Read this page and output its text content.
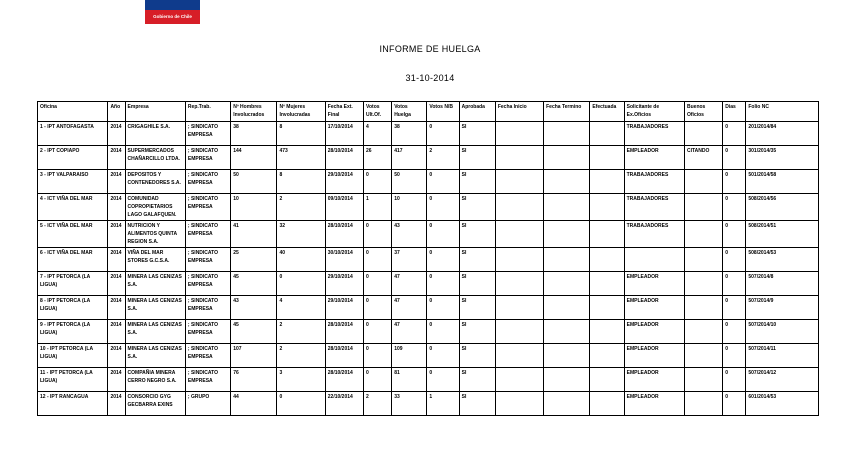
Gobierno de Chile
INFORME DE HUELGA
31-10-2014
Oficina	Año	Empresa	Rep.Trab.	Nº Hombres Involucrados	Nº Mujeres Involucradas	Fecha Ext. Final	Votos Ult.Of.	Votos Huelga	Votos N/B	Aprobada	Fecha Inicio	Fecha Termino	Efectuada	Solicitante de Ex.Oficios	Buenos Oficios	Dias	Folio NC
1 - IPT ANTOFAGASTA	2014	CRIGAGHILE S.A.	; SINDICATO EMPRESA	38	8	17/10/2014	4	38	0	SI				TRABAJADORES		0	201/2014/84
2 - IPT COPIAPO	2014	SUPERMERCADOS CHAÑARCILLO LTDA.	; SINDICATO EMPRESA	144	473	28/10/2014	26	417	2	SI				EMPLEADOR	CITANDO	0	301/2014/35
3 - IPT VALPARAISO	2014	DEPOSITOS Y CONTENEDORES S.A.	; SINDICATO EMPRESA	50	8	29/10/2014	0	50	0	SI				TRABAJADORES		0	501/2014/58
4 - ICT VIÑA DEL MAR	2014	COMUNIDAD COPROPIETARIOS LAGO GALAFQUEN.	; SINDICATO EMPRESA	10	2	09/10/2014	1	10	0	SI				TRABAJADORES		0	508/2014/56
5 - ICT VIÑA DEL MAR	2014	NUTRICION Y ALIMENTOS QUINTA REGION S.A.	; SINDICATO EMPRESA	41	32	28/10/2014	0	43	0	SI				TRABAJADORES		0	508/2014/51
6 - ICT VIÑA DEL MAR	2014	VIÑA DEL MAR STORES G.C.S.A.	; SINDICATO EMPRESA	25	40	30/10/2014	0	37	0	SI						0	508/2014/53
7 - IPT PETORCA (LA LIGUA)	2014	MINERA LAS CENIZAS S.A.	; SINDICATO EMPRESA	45	0	29/10/2014	0	47	0	SI				EMPLEADOR		0	507/2014/8
8 - IPT PETORCA (LA LIGUA)	2014	MINERA LAS CENIZAS S.A.	; SINDICATO EMPRESA	43	4	29/10/2014	0	47	0	SI				EMPLEADOR		0	507/2014/9
9 - IPT PETORCA (LA LIGUA)	2014	MINERA LAS CENIZAS S.A.	; SINDICATO EMPRESA	45	2	28/10/2014	0	47	0	SI				EMPLEADOR		0	507/2014/10
10 - IPT PETORCA (LA LIGUA)	2014	MINERA LAS CENIZAS S.A.	; SINDICATO EMPRESA	107	2	28/10/2014	0	109	0	SI				EMPLEADOR		0	507/2014/11
11 - IPT PETORCA (LA LIGUA)	2014	COMPAÑIA MINERA CERRO NEGRO S.A.	; SINDICATO EMPRESA	76	3	28/10/2014	0	81	0	SI				EMPLEADOR		0	507/2014/12
12 - IPT RANCAGUA	2014	CONSORCIO GYG GECBARRA EXINS	; GRUPO	44	0	22/10/2014	2	33	1	SI				EMPLEADOR		0	601/2014/53
